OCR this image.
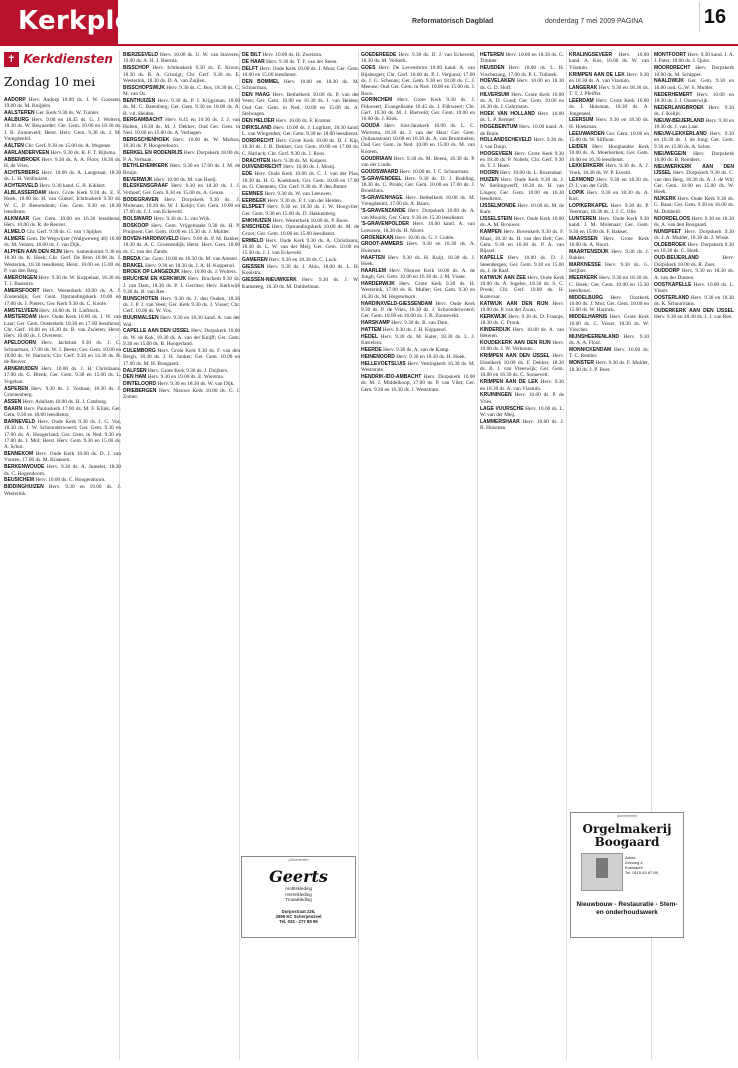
Kerkplein	Reformatorisch Dagblad	donderdag 7 mei 2009 PAGINA	16
✝ Kerkdiensten
Zondag 10 mei

AADORP Herv. Aadorp 10.00 ds. J. W. Goossen, 19.00 ds. M. Kuijpers.

AALSTEREN Ger. Kerk 9.30 ds. W. Tuinier.

AALBURG Herv. 9.00 en 18.45 ds. G. J. Wolters, 18.30 ds. W. Bewaarder; Ger. Gem. 10.00 en 18.30 ds. J. B. Zonneveld; Herst. Herv. Gem. 9.30 ds. J. M. Vreugdenhil.

AALTEN Chr. Gerf. 9.30 en 15.00 ds. A. Wegener.

AARLANDERVEEN Herv. 9.30 ds. K. F. T. Bijlsma.

ABBENBROEK Herv. 9.30 ds. A. A. Floor, 18.30 ds. H. de Vries.

ACHTERBERG Herv. 10.00 ds. A. Langeraar, 18.30 ds. L. H. Veldhuizen.

ACHTERVELD Herv. 9.30 kand. G. B. Kikkert.

ALBLASSERDAM Herv. Grote Kerk 9.30 ds. E. F. Hoek, 18.00 ds. H. van Ginkel; Ichthuskerk 9.30 ds. W. C. P. Beerendonk; Ger. Gem. 9.30 en 18.30 leesdienst.

ALKMAAR Ger. Gem. 10.00 en 16.30 leesdienst; Herv. 10.00 ds. R. de Reuver.

ALMELO Chr. Gerf. 9.30 ds. G. van 't Spijker.

ALMERE Gem. De Wegwijzer (Walgweweg 48) 10.00 ds. M. Velzen; 16.00 ds. J. van Dijk.

ALPHEN AAN DEN RIJN Herv. Samenkomst 9.30 en 18.30 ds. K. Hoek; Chr. Gerf. De Bron 10.00 ds. J. Westerink, 18.30 leesdienst; Herst. 10.00 en 15.00 ds. P. van den Berg.

AMERONGEN Herv. 9.30 ds. W. Koppelaar, 18.30 ds. T. J. Baanstra.

AMERSFOORT Herv. Westerkerk 10.00 ds. A. J. Zoutendijk; Ger. Gem. Opstandingskerk 10.00 en 17.00 ds. J. Pieters; Ger. Kerk 9.30 ds. C. Koole.

AMSTELVEEN Herv. 10.00 ds. H. Lieftinck.

AMSTERDAM Herv. Oude Kerk 10.00 ds. J. W. van Laar; Ger. Gem. Oosterkerk 10.30 en 17.00 leesdienst; Chr. Gerf. 10.00 en 16.30 ds. B. van Zwieten; Herst. Herv. 10.00 ds. J. Overeem.

APELDOORN Herv. Jachtlust 9.30 ds. J. C. Schuurman, 17.00 ds. W. J. Beens; Ger. Gem. 10.00 en 18.00 ds. W. Harinck; Chr. Gerf. 9.30 en 14.30 ds. R. de Reuver.

ARNEMUIDEN Herv. 10.00 ds. J. H. Christiaans, 17.00 ds. C. Blenk; Ger. Gem. 9.30 en 15.00 ds. L. Vogelaar.

ASPEREN Herv. 9.30 ds. J. Voshaar, 18.30 ds. J. Groenenberg.

ASSEN Herv. Adullam 10.00 ds. H. J. Catsburg.

BAARN Herv. Pauluskerk 17.00 ds. M. F. Klink; Ger. Gem. 9.30 en 18.00 leesdienst.

BARNEVELD Herv. Oude Kerk 9.30 ds. J. G. Vos, 18.30 ds. J. W. Schoonderwoerd; Ger. Gem. 9.30 en 17.00 ds. A. Hoogerland; Ger. Gem. in Ned. 9.30 en 17.00 ds. J. Mol; Herst. Herv. Gem. 9.30 en 15.00 ds. A. Schot.

BENNEKOM Herv. Oude Kerk 10.00 ds. D. J. van Vuuren, 17.00 ds. M. Klaassen.

BERKENWOUDE Herv. 9.30 ds. A. Jumelet, 18.30 ds. C. Hogendoorn.

BEUSICHEM Herv. 10.00 ds. C. Hoogendoorn.

BIDDINGHUIZEN Herv. 9.30 en 19.00 ds. J. Westerink.

BIERZEEVELD Herv. 10.00 ds. U. W. van Staveren, 19.00 ds. A. H. J. Bierma.

BISSCHOP Herv. Ichthuskerk 9.30 ds. E. Kroon, 18.30 ds. R. A. Grisnigt; Chr. Gerf. 9.30 ds. E. Westerink, 18.30 ds. D. A. van Zuijlen.

BISSCHOPSWIJK Herv. 9.30 ds. C. Bos, 18.30 ds. C. M. van Os.

BENTHUIZEN Herv. 9.30 ds. P. J. Krijgsman, 18.00 ds. M. C. Batenburg; Ger. Gem. 9.30 en 18.00 ds. A. B. v.d. Heiden.

BERGAMBACHT Herv. 8.45 en 10.30 ds. J. J. van Holten, 18.30 ds. M. J. Dekker; Oud Ger. Gem. in Ned. 10.00 en 15.00 ds. A. Verhagen.

BERGSCHENHOEK Herv. 10.00 ds. W. Markus, 16.30 ds. P. Hoogendoorn.

BERKEL EN RODENRIJS Herv. Dorpskerk 18.00 ds. P. A. Verbaan.

BETHLEHEMKERK Herv. 9.30 en 17.00 ds. J. M. de Bruijn.

BEVERWIJK Herv. 10.00 ds. M. van Hoeij.

BLESKENSGRAAF Herv. 9.30 en 18.30 ds. J. J. Verhoef; Ger. Gem. 9.30 en 15.00 ds. A. Geuze.

BODEGRAVEN Herv. Dorpskerk 9.30 ds. J. Molenaar, 18.30 ds. W. J. Kolijn; Ger. Gem. 10.00 en 17.00 ds. J. J. van Eckeveld.

BOLSWARD Herv. 9.30 ds. L. van Wijk.

BOSKOOP Herv. Gem. Vrijgemaakt 9.30 ds. H. P. Pruijssen; Ger. Gem. 10.00 en 15.30 ds. J. Mulder.

BOVEN-HARDINXVELD Herv. 9.00 ds. P. M. Bakker, 18.30 ds. A. C. Groenendijk; Herst. Herv. Gem. 10.00 ds. C. van der Zande.

BREDA Ger. Gem. 10.00 en 16.30 ds. M. van Amstel.

BRAKEL Herv. 9.30 en 18.30 ds. J. A. H. Koppenol.

BROEK OP LANGEDIJK Herv. 10.00 ds. J. Wolters.

BRUCHEM EN KERKWIJK Herv. Bruchem 9.30 ds. J. van Dam, 18.30 ds. P. J. Gerritse; Herv. Kerkwijk 9.30 ds. B. van Ree.

BUNSCHOTEN Herv. 9.30 ds. J. den Ouden, 18.30 ds. J. P. J. van Veen; Ger. Kerk 9.30 ds. J. Visser; Chr. Gerf. 10.00 ds. W. Vos.

BUURMALSEN Herv. 9.30 en 18.30 kand. A. van der Wal.

CAPELLE AAN DEN IJSSEL Herv. Dorpskerk 10.00 ds. W. de Kok, 18.30 ds. A. van der Knijff; Ger. Gem. 9.30 en 15.00 ds. B. Hoogerland.

CULEMBORG Herv. Grote Kerk 9.30 ds. F. van den Bergh, 18.30 ds. J. H. Jonker; Ger. Gem. 10.00 en 17.00 ds. M. H. Boogaard.

DALFSEN Herv. Grote Kerk 9.30 ds. J. Duijkers.

DEN HAM Herv. 9.30 en 19.00 ds. E. Wiersma.

DINTELOORD Herv. 9.30 en 18.30 ds. W. van Dijk.

DRIEBERGEN Herv. Nieuwe Kerk 10.00 ds. G. J. Zomer.

DE BILT Herv. 10.00 ds. H. Zweistra.

DE HAAR Herv. 9.30 ds. T. F. van der Steen.

DELFT Herv. Oude Kerk 10.00 ds. J. Muis; Ger. Gem. 10.00 en 15.00 leesdienst.

DEN BOMMEL Herv. 10.00 en 18.30 ds. M. Schuurman.

DEN HAAG Herv. Bethelkerk 10.00 ds. P. van der Veen; Ger. Gem. 10.00 en 16.30 ds. J. van Helden; Oud Ger. Gem. in Ned. 10.00 en 15.00 ds. A. Stelwagen.

DEN HELDER Herv. 10.00 ds. F. Kramer.

DIRKSLAND Herv. 10.00 ds. J. Lugthart, 18.30 kand. L. van Wingerden; Ger. Gem. 9.30 en 18.00 leesdienst.

DORDRECHT Herv. Grote Kerk 10.00 ds. D. J. Kip, 18.30 ds. J. B. Dekker; Ger. Gem. 10.00 en 17.00 ds. C. Harinck; Chr. Gerf. 9.30 ds. J. Roos.

DRACHTEN Herv. 9.30 ds. M. Kuipers.

DUIVENDRECHT Herv. 10.00 ds. J. Mooij.

EDE Herv. Oude Kerk 10.00 ds. C. J. van der Plas, 18.30 ds. H. G. Koekkoek; Ger. Gem. 10.00 en 17.00 ds. G. Clements; Chr. Gerf. 9.30 ds. P. den Butter.

EEMNES Herv. 9.30 ds. W. van Leeuwen.

EERBEEK Herv. 9.30 ds. F. J. van der Heiden.

ELSPEET Herv. 9.30 en 18.30 ds. J. W. Hoogvliet; Ger. Gem. 9.30 en 15.00 ds. D. Hakkenberg.

ENKHUIZEN Herv. Westerkerk 10.00 ds. P. Boon.

ENSCHEDE Herv. Opstandingskerk 10.00 ds. M. de Groot; Ger. Gem. 10.00 en 15.00 leesdienst.

ERMELO Herv. Oude Kerk 9.30 ds. A. Christiaans, 18.30 ds. L. W. van der Meij; Ger. Gem. 10.00 en 15.30 ds. J. J. van Eckeveld.

GAMEREN Herv. 9.30 en 18.30 ds. C. Lock.

GIESSEN Herv. 9.30 ds. J. Ahlo, 18.00 ds. L. H. Kooistra.

GIESSEN-NIEUWKERK Herv. 9.30 ds. J. W. Kamsteeg, 18.30 ds. M. Dubbelman.

GOEDEREEDE Herv. 9.30 ds. D. J. van Eckeveld, 18.30 ds. M. Verkerk.

GOES Herv. De Levensbron 10.00 kand. A. van Rijsbergen; Chr. Gerf. 10.00 ds. P. J. Vergunst, 17.00 ds. J. G. Schenau; Ger. Gem. 9.30 en 18.00 ds. C. J. Meeuse; Oud Ger. Gem. in Ned. 10.00 en 15.00 ds. J. Roos.

GORINCHEM Herv. Grote Kerk 9.30 ds. J. Flikweert, Evangelisatie 16.45 ds. J. Flikweert; Chr. Gerf. 16.30 ds. M. J. Rietveld; Ger. Gem. 10.00 en 16.00 ds. J. Klok.

GOUDA Herv. Sint-Janskerk 10.00 ds. L. C. Wiersma, 18.30 ds. J. van der Haar; Ger. Gem. (Julianastraat) 10.00 en 16.30 ds. A. van Brummelen; Oud Ger. Gem. in Ned. 10.00 en 15.00 ds. M. van Kooten.

GOUDRIAAN Herv. 9.30 ds. M. Beens, 18.30 ds. P. van der Linde.

GOUDSWAARD Herv. 10.00 ds. J. C. Schuurman.

'S-GRAVENDEEL Herv. 9.30 ds. D. J. Budding, 18.30 ds. C. Pronk; Ger. Gem. 10.00 en 17.00 ds. J. Broekhuis.

'S-GRAVENHAGE Herv. Bethelkerk 10.00 ds. M. Vreugdenhil, 17.00 ds. A. Baars.

'S-GRAVENZANDE Herv. Dorpskerk 10.00 ds. A. van Mourik; Ger. Gem. 9.30 en 15.30 leesdienst.

'S-GRAVENPOLDER Herv. 10.00 kand. A. van Leeuwen, 18.30 ds. H. Moret.

GROENEKAN Herv. 10.00 ds. G. J. Codée.

GROOT-AMMERS Herv. 9.30 en 18.30 ds. A. Huisman.

HAAFTEN Herv. 9.30 ds. H. Kuijt, 18.30 ds. J. Hoek.

HAARLEM Herv. Nieuwe Kerk 10.00 ds. A. de Jongh; Ger. Gem. 10.00 en 16.30 ds. J. M. Visser.

HARDERWIJK Herv. Grote Kerk 9.30 ds. H. Westerink, 17.00 ds. K. Muller; Ger. Gem. 9.30 en 16.30 ds. M. Hogendoorn.

HARDINXVELD-GIESSENDAM Herv. Oude Kerk 9.30 ds. P. de Vries, 18.30 ds. J. Schoonderwoerd; Ger. Gem. 10.00 en 16.00 ds. J. B. Zonneveld.

HARSKAMP Herv. 9.30 ds. B. van Dam.

HATTEM Herv. 9.30 ds. J. H. Koppenol.

HEDEL Herv. 9.30 ds. M. Kater, 18.30 ds. L. J. Kastelein.

HEERDE Herv. 9.30 ds. A. van de Kamp.

HEINENOORD Herv. 9.30 en 18.30 ds. H. Hoek.

HELLEVOETSLUIS Herv. Vestingkerk 16.30 ds. M. Weststrate.

HENDRIK-IDO-AMBACHT Herv. Dorpskerk 10.00 ds. M. J. Middelkoop, 17.00 ds. P. van Vliet; Ger. Gem. 9.30 en 16.30 ds. J. Weststrate.

HETEREN Herv. 10.00 en 18.30 ds. G. Timmer.

HEUSDEN Herv. 10.00 ds. L. H. Voschezang, 17.00 ds. P. L. Tolhoek.

HOEVELAKEN Herv. 10.00 en 18.30 ds. G. D. Hoff.

HILVERSUM Herv. Grote Kerk 10.00 ds. A. D. Goud; Ger. Gem. 10.00 en 16.30 ds. J. Gahrmann.

HOEK VAN HOLLAND Herv. 10.00 ds. L. P. Bremer.

HOGEBEINTUM Herv. 10.00 kand. A. de Bruin.

HOLLANDSCHEVELD Herv. 9.30 ds. J. van Duijn.

HOOGEVEEN Herv. Grote Kerk 9.30 en 18.30 ds. P. Nobels; Chr. Gerf. 9.30 ds. T. J. Hoek.

HOORN Herv. 10.00 ds. L. Rozendaal.

HUIZEN Herv. Oude Kerk 9.30 ds. J. W. Stellingwerff, 18.30 ds. H. van Lingen; Ger. Gem. 10.00 en 16.30 leesdienst.

IJSSELMONDE Herv. 10.00 ds. M. de Kam.

IJSSELSTEIN Herv. Oude Kerk 10.00 ds. A. M. Brouwer.

KAMPEN Herv. Bovenkerk 9.30 ds. F. Maas, 18.30 ds. H. van den Belt; Ger. Gem. 9.30 en 16.30 ds. P. A. van Rijssel.

KAPELLE Herv. 10.00 ds. D. J. Steenbergen; Ger. Gem. 9.30 en 15.00 ds. J. de Raaf.

KATWIJK AAN ZEE Herv. Oude Kerk 10.00 ds. A. Ingelse, 18.30 ds. S. C. Pronk; Chr. Gerf. 10.00 ds. H. Korevaar.

KATWIJK AAN DEN RIJN Herv. 10.00 ds. P. van der Zwan.

KERKWIJK Herv. 9.30 ds. D. Fraanje, 18.30 ds. C. Pronk.

KINDERDIJK Herv. 10.00 ds. A. van Heteren.

KOUDEKERK AAN DEN RIJN Herv. 10.00 ds. J. W. Verboom.

KRIMPEN AAN DEN IJSSEL Herv. IJsselkerk 10.00 ds. F. Dekker, 18.30 ds. B. J. van Vreeswijk; Ger. Gem. 10.00 en 16.30 ds. C. Sonnevelt.

KRIMPEN AAN DE LEK Herv. 9.30 en 18.30 ds. A. van Vlastuin.

KRUININGEN Herv. 10.00 ds. P. de Vries.

LAGE VUURSCHE Herv. 10.00 ds. L. W. van der Meij.

LAMMERSHAAR Herv. 10.00 ds. J. B. Huisman.

KRALINGSEVEER Herv. 10.00 kand. A. Kos, 16.00 ds. W. van Vlastuin.

KRIMPEN AAN DE LEK Herv. 9.30 en 18.30 ds. A. van Vlastuin.

LANGERAK Herv. 9.30 en 18.30 ds. T. T. J. Pfeiffer.

LEERDAM Herv. Grote Kerk 10.00 ds. J. Huisman, 18.30 ds. A. Jongeneel.

LEERSUM Herv. 9.30 en 18.30 ds. H. Hoekman.

LEEUWARDEN Ger. Gem. 10.00 en 15.00 ds. W. Silfhout.

LEIDEN Herv. Hooglandse Kerk 10.00 ds. A. Moerkerken; Ger. Gem. 10.00 en 16.30 leesdienst.

LEKKERKERK Herv. 9.30 ds. A. J. Vonk, 18.30 ds. W. P. Esveld.

LEXMOND Herv. 9.30 en 18.30 ds. D. J. van der Grift.

LOPIK Herv. 9.30 en 18.30 ds. A. Kos.

LOPIKERKAPEL Herv. 9.30 ds. P. Veerman, 18.30 ds. J. J. C. Olie.

LUNTEREN Herv. Oude Kerk 9.30 kand. J. M. Molenaar; Ger. Gem. 9.30 en 15.00 ds. F. Bakker.

MAARSSEN Herv. Grote Kerk 10.00 ds. A. Noort.

MAARTENSDIJK Herv. 9.30 ds. J. Bakker.

MARKNESSE Herv. 9.30 ds. G. Strijbos.

MEERKERK Herv. 9.30 en 18.30 ds. C. Hoek; Ger. Gem. 10.00 en 15.30 leesdienst.

MIDDELBURG Herv. Oostkerk 10.00 ds. J. Mol; Ger. Gem. 10.00 en 15.00 ds. W. Harinck.

MIDDELHARNIS Herv. Grote Kerk 10.00 ds. C. Visser, 18.30 ds. W. Visscher.

MIJNSHEERENLAND Herv. 9.30 ds. A. A. Floor.

MONNICKENDAM Herv. 10.00 ds. T. C. Rentier.

MONSTER Herv. 9.30 ds. F. Mulder, 18.30 ds. J. P. Boer.

MONTFOORT Herv. 9.30 kand. J. A. J. Pater, 18.00 ds. J. Quist.

MOORDRECHT Herv. Dorpskerk 10.00 ds. M. Schipper.

NAALDWIJK Ger. Gem. 9.30 en 16.00 oud. G. W. S. Mulder.

NEDERHEMERT Herv. 10.00 en 18.30 ds. J. J. Oosterwijk.

NEDERLANGBROEK Herv. 9.30 ds. J. Kolijn.

NIEUW-BEIJERLAND Herv. 9.30 en 18.30 ds. J. van Laar.

NIEUW-LEKKERLAND Herv. 9.30 en 18.30 ds. J. de Jong; Ger. Gem. 9.30 en 15.00 ds. A. Schot.

NIEUWEGEIN Herv. Dorpskerk 10.00 ds. B. Reinders.

NIEUWERKERK AAN DEN IJSSEL Herv. Dorpskerk 9.30 ds. C. van den Berg, 18.30 ds. A. J. de Wit; Ger. Gem. 10.00 en 15.00 ds. W. Hoek.

NIJKERK Herv. Oude Kerk 9.30 ds. G. Baan; Ger. Gem. 9.30 en 16.00 ds. M. Dubbeld.

NOORDELOOS Herv. 9.30 en 18.30 ds. A. van den Boogaard.

NUNSPEET Herv. Dorpskerk 9.30 ds. J. A. Mulder, 18.30 ds. J. Wisse.

OLDEBROEK Herv. Dorpskerk 9.30 en 18.30 ds. C. Hoek.

OUD-BEIJERLAND	Herv. Dorpskerk 10.00 ds. R. Zoet.

OUDDORP Herv. 9.30 en 18.30 ds. A. van der Dussen.

OOSTKAPELLE Herv. 10.00 ds. L. Visser.

OOSTERLAND Herv. 9.30 en 18.30 ds. K. Schuurmans.

OUDERKERK AAN DEN IJSSEL Herv. 9.30 en 18.30 ds. J. J. van Ree.

(Advertentie)
Geerts
Ambtskleding
Herenkleding
Trouwkleding
Dorpsstraat 226,
2695 KC Scherpenzeel
Tel. 033 - 277 88 99
(Advertentie)
Orgelmakerij Boogaard
Adres
Zeeweg 4
Koewacht
Tel. 0115-45 67 89
Nieuwbouw - Restauratie - Stem- en onderhoudswerk
